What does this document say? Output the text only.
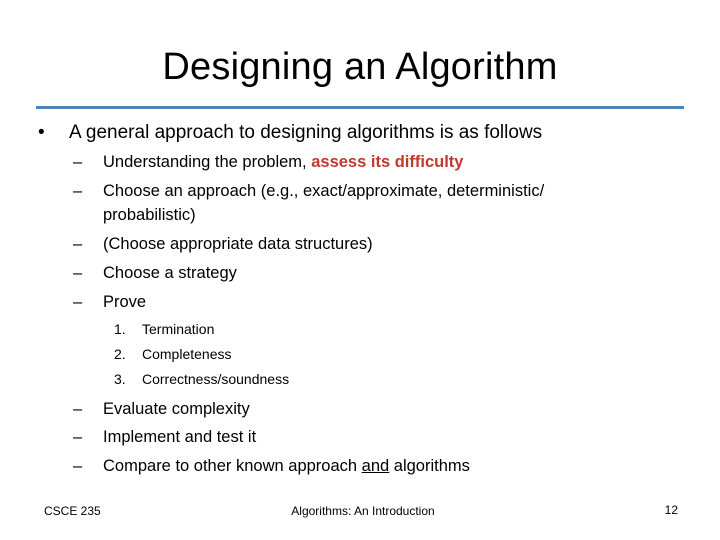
Designing an Algorithm
• A general approach to designing algorithms is as follows
– Understanding the problem, assess its difficulty
– Choose an approach (e.g., exact/approximate, deterministic/
probabilistic)
– (Choose appropriate data structures)
– Choose a strategy
– Prove
1. Termination
2. Completeness
3. Correctness/soundness
– Evaluate complexity
– Implement and test it
– Compare to other known approach and algorithms
CSCE 235	Algorithms: An Introduction	12
